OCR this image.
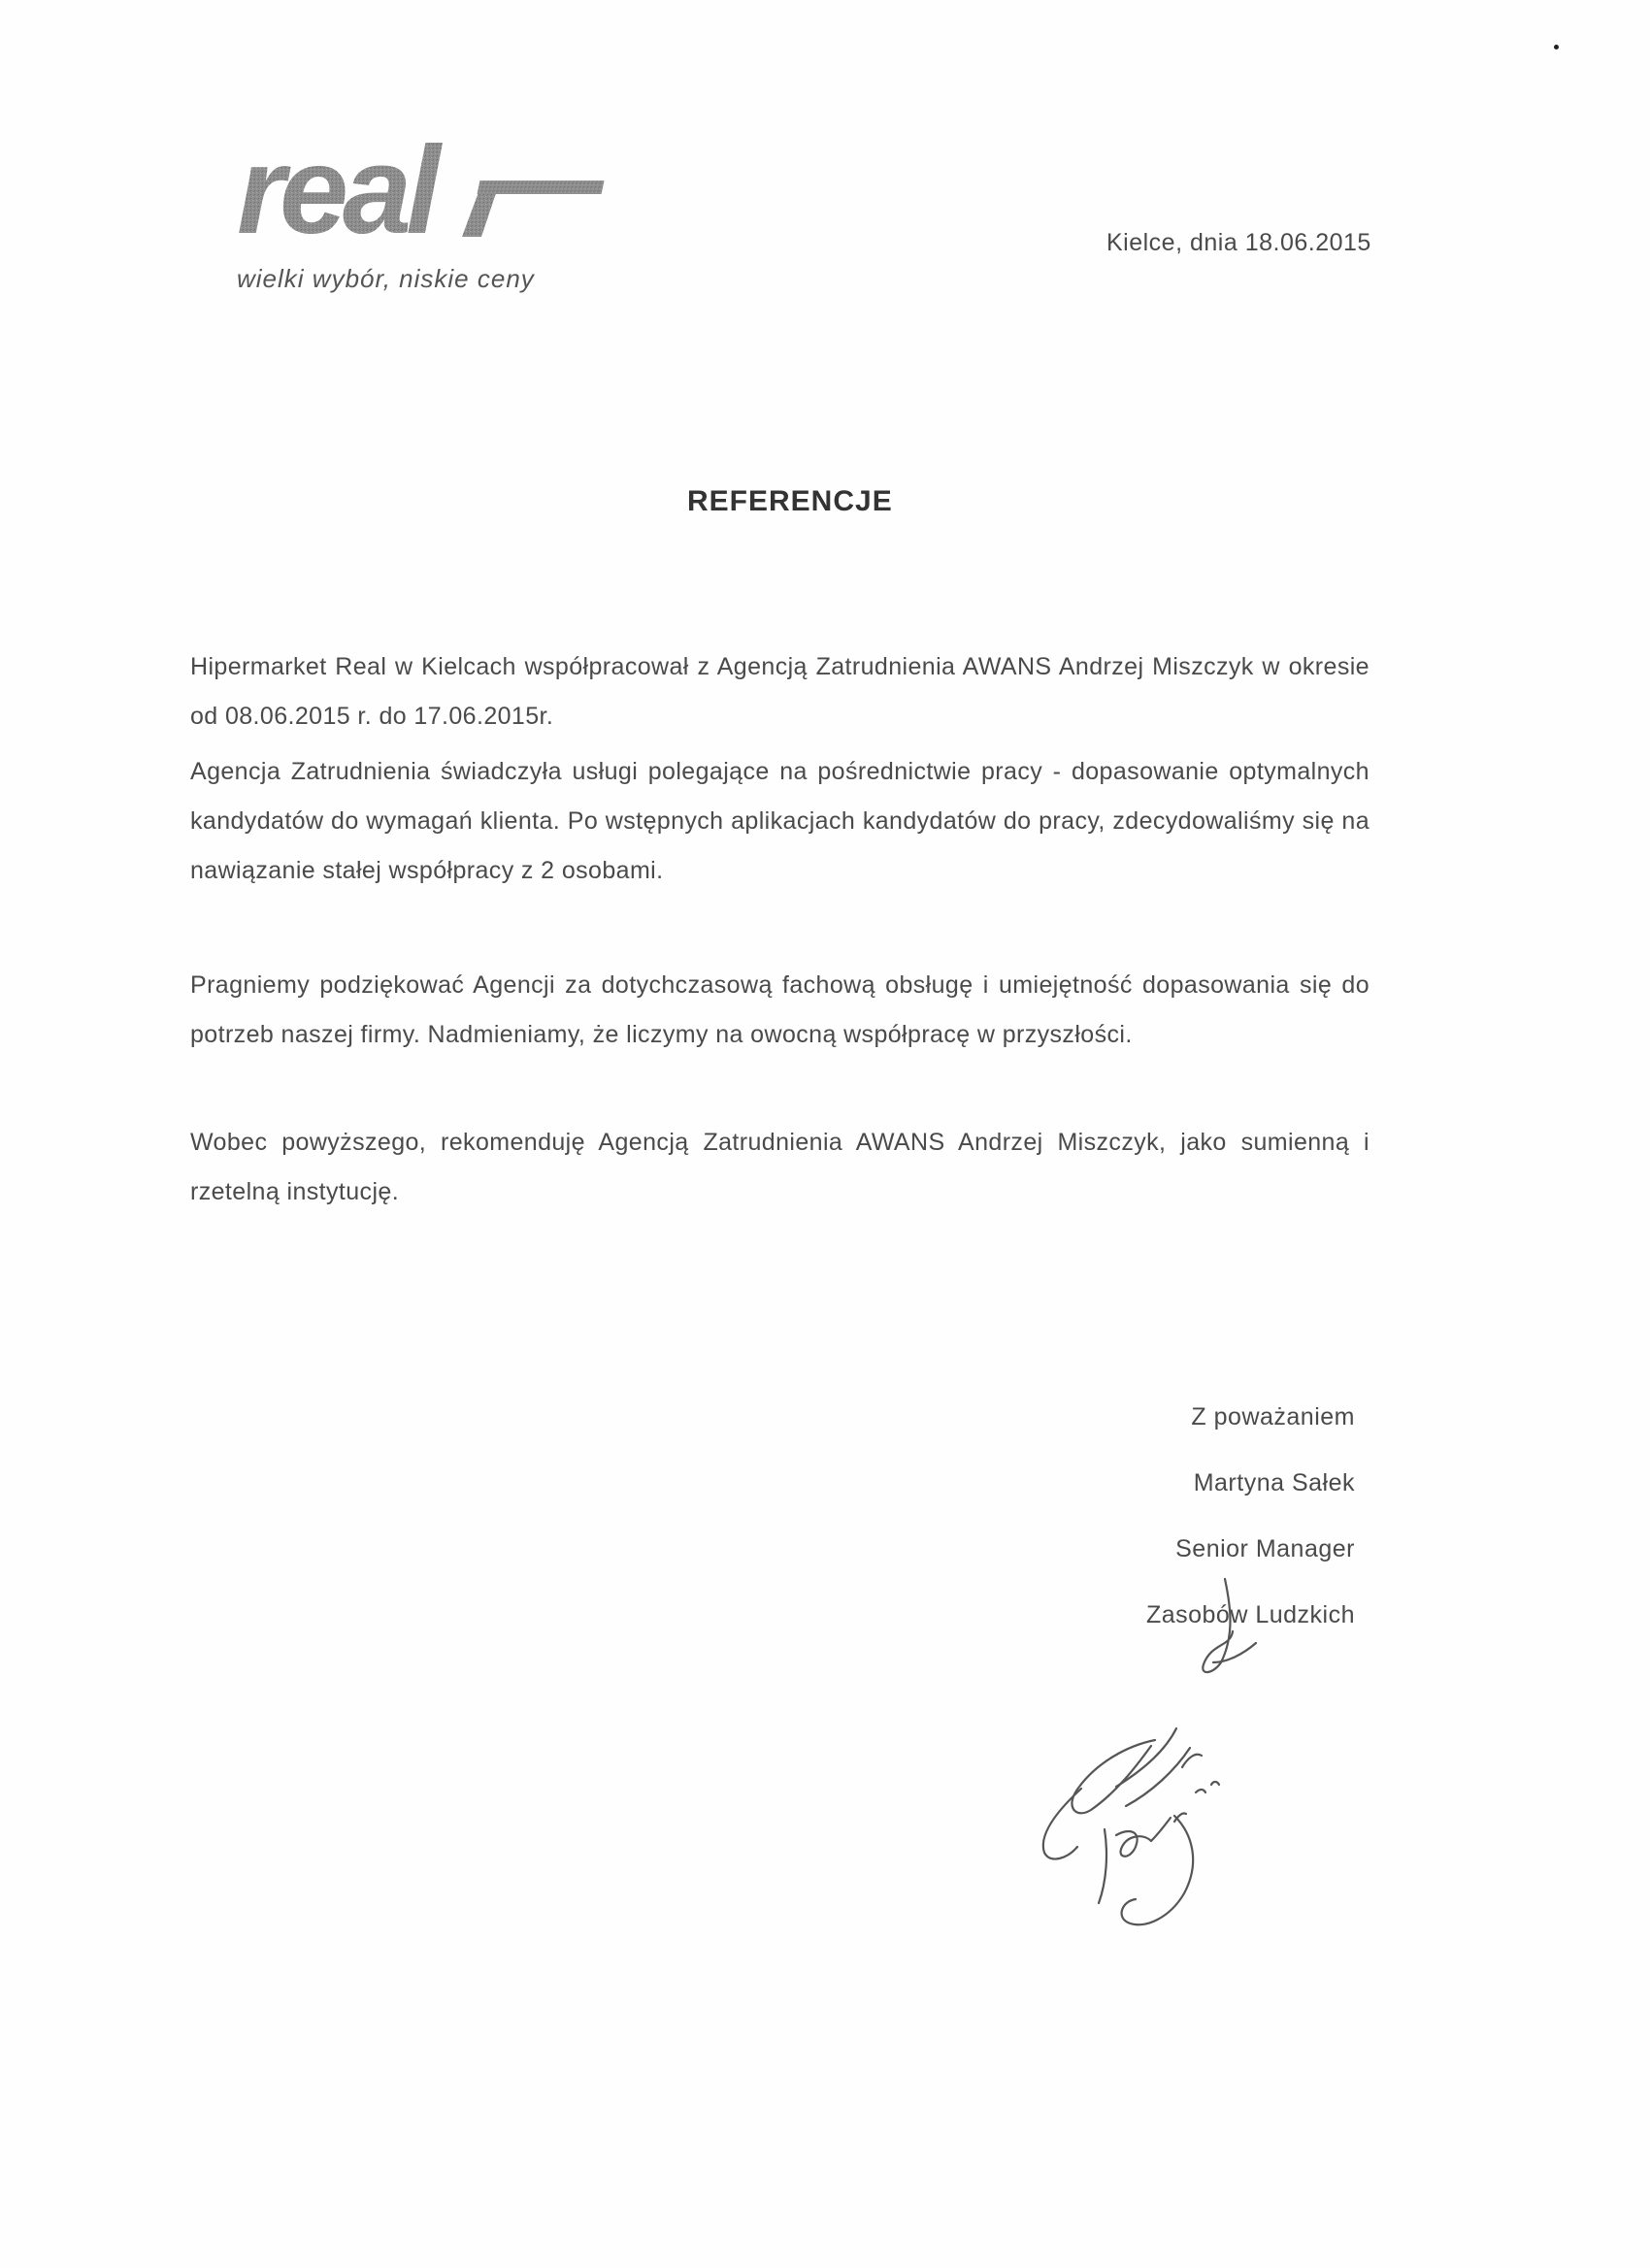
real
wielki wybór, niskie ceny
Kielce, dnia 18.06.2015
REFERENCJE
Hipermarket Real w Kielcach współpracował z Agencją Zatrudnienia AWANS Andrzej Miszczyk w okresie od 08.06.2015 r. do 17.06.2015r.
Agencja Zatrudnienia świadczyła usługi polegające na pośrednictwie pracy - dopasowanie optymalnych kandydatów do wymagań klienta. Po wstępnych aplikacjach kandydatów do pracy, zdecydowaliśmy się na nawiązanie stałej współpracy z 2 osobami.
Pragniemy podziękować Agencji za dotychczasową fachową obsługę i umiejętność dopasowania się do potrzeb naszej firmy. Nadmieniamy, że liczymy na owocną współpracę w przyszłości.
Wobec powyższego, rekomenduję Agencją Zatrudnienia AWANS Andrzej Miszczyk, jako sumienną i rzetelną instytucję.
Z poważaniem
Martyna Sałek
Senior Manager
Zasobów Ludzkich
